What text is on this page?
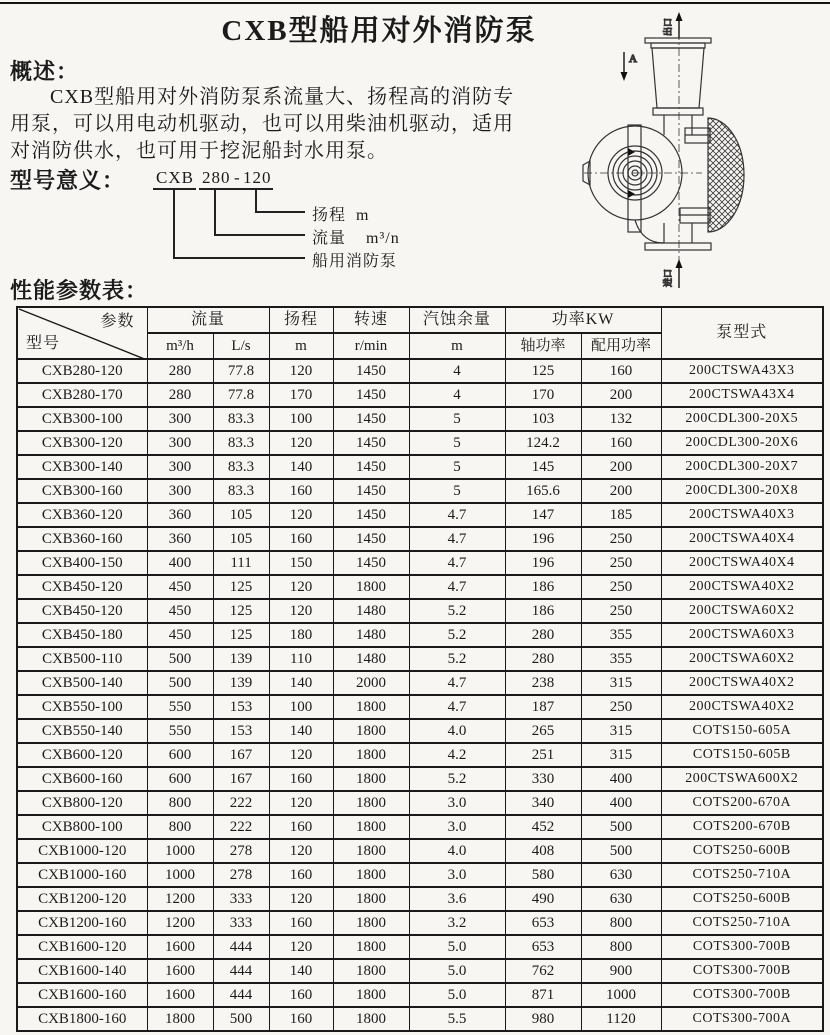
CXB型船用对外消防泵
概述：
CXB型船用对外消防泵系流量大、扬程高的消防专
用泵，可以用电动机驱动，也可以用柴油机驱动，适用
对消防供水，也可用于挖泥船封水用泵。
型号意义： CXB 280 - 120
扬程  m
流量    m³/n
船用消防泵
出口
A
进口
性能参数表：
参数
型号	流量		扬程	转速	汽蚀余量	功率KW		泵型式
	m³/h	L/s	m	r/min	m	轴功率	配用功率	
CXB280-120	280	77.8	120	1450	4	125	160	200CTSWA43X3
CXB280-170	280	77.8	170	1450	4	170	200	200CTSWA43X4
CXB300-100	300	83.3	100	1450	5	103	132	200CDL300-20X5
CXB300-120	300	83.3	120	1450	5	124.2	160	200CDL300-20X6
CXB300-140	300	83.3	140	1450	5	145	200	200CDL300-20X7
CXB300-160	300	83.3	160	1450	5	165.6	200	200CDL300-20X8
CXB360-120	360	105	120	1450	4.7	147	185	200CTSWA40X3
CXB360-160	360	105	160	1450	4.7	196	250	200CTSWA40X4
CXB400-150	400	111	150	1450	4.7	196	250	200CTSWA40X4
CXB450-120	450	125	120	1800	4.7	186	250	200CTSWA40X2
CXB450-120	450	125	120	1480	5.2	186	250	200CTSWA60X2
CXB450-180	450	125	180	1480	5.2	280	355	200CTSWA60X3
CXB500-110	500	139	110	1480	5.2	280	355	200CTSWA60X2
CXB500-140	500	139	140	2000	4.7	238	315	200CTSWA40X2
CXB550-100	550	153	100	1800	4.7	187	250	200CTSWA40X2
CXB550-140	550	153	140	1800	4.0	265	315	COTS150-605A
CXB600-120	600	167	120	1800	4.2	251	315	COTS150-605B
CXB600-160	600	167	160	1800	5.2	330	400	200CTSWA600X2
CXB800-120	800	222	120	1800	3.0	340	400	COTS200-670A
CXB800-100	800	222	160	1800	3.0	452	500	COTS200-670B
CXB1000-120	1000	278	120	1800	4.0	408	500	COTS250-600B
CXB1000-160	1000	278	160	1800	3.0	580	630	COTS250-710A
CXB1200-120	1200	333	120	1800	3.6	490	630	COTS250-600B
CXB1200-160	1200	333	160	1800	3.2	653	800	COTS250-710A
CXB1600-120	1600	444	120	1800	5.0	653	800	COTS300-700B
CXB1600-140	1600	444	140	1800	5.0	762	900	COTS300-700B
CXB1600-160	1600	444	160	1800	5.0	871	1000	COTS300-700B
CXB1800-160	1800	500	160	1800	5.5	980	1120	COTS300-700A
